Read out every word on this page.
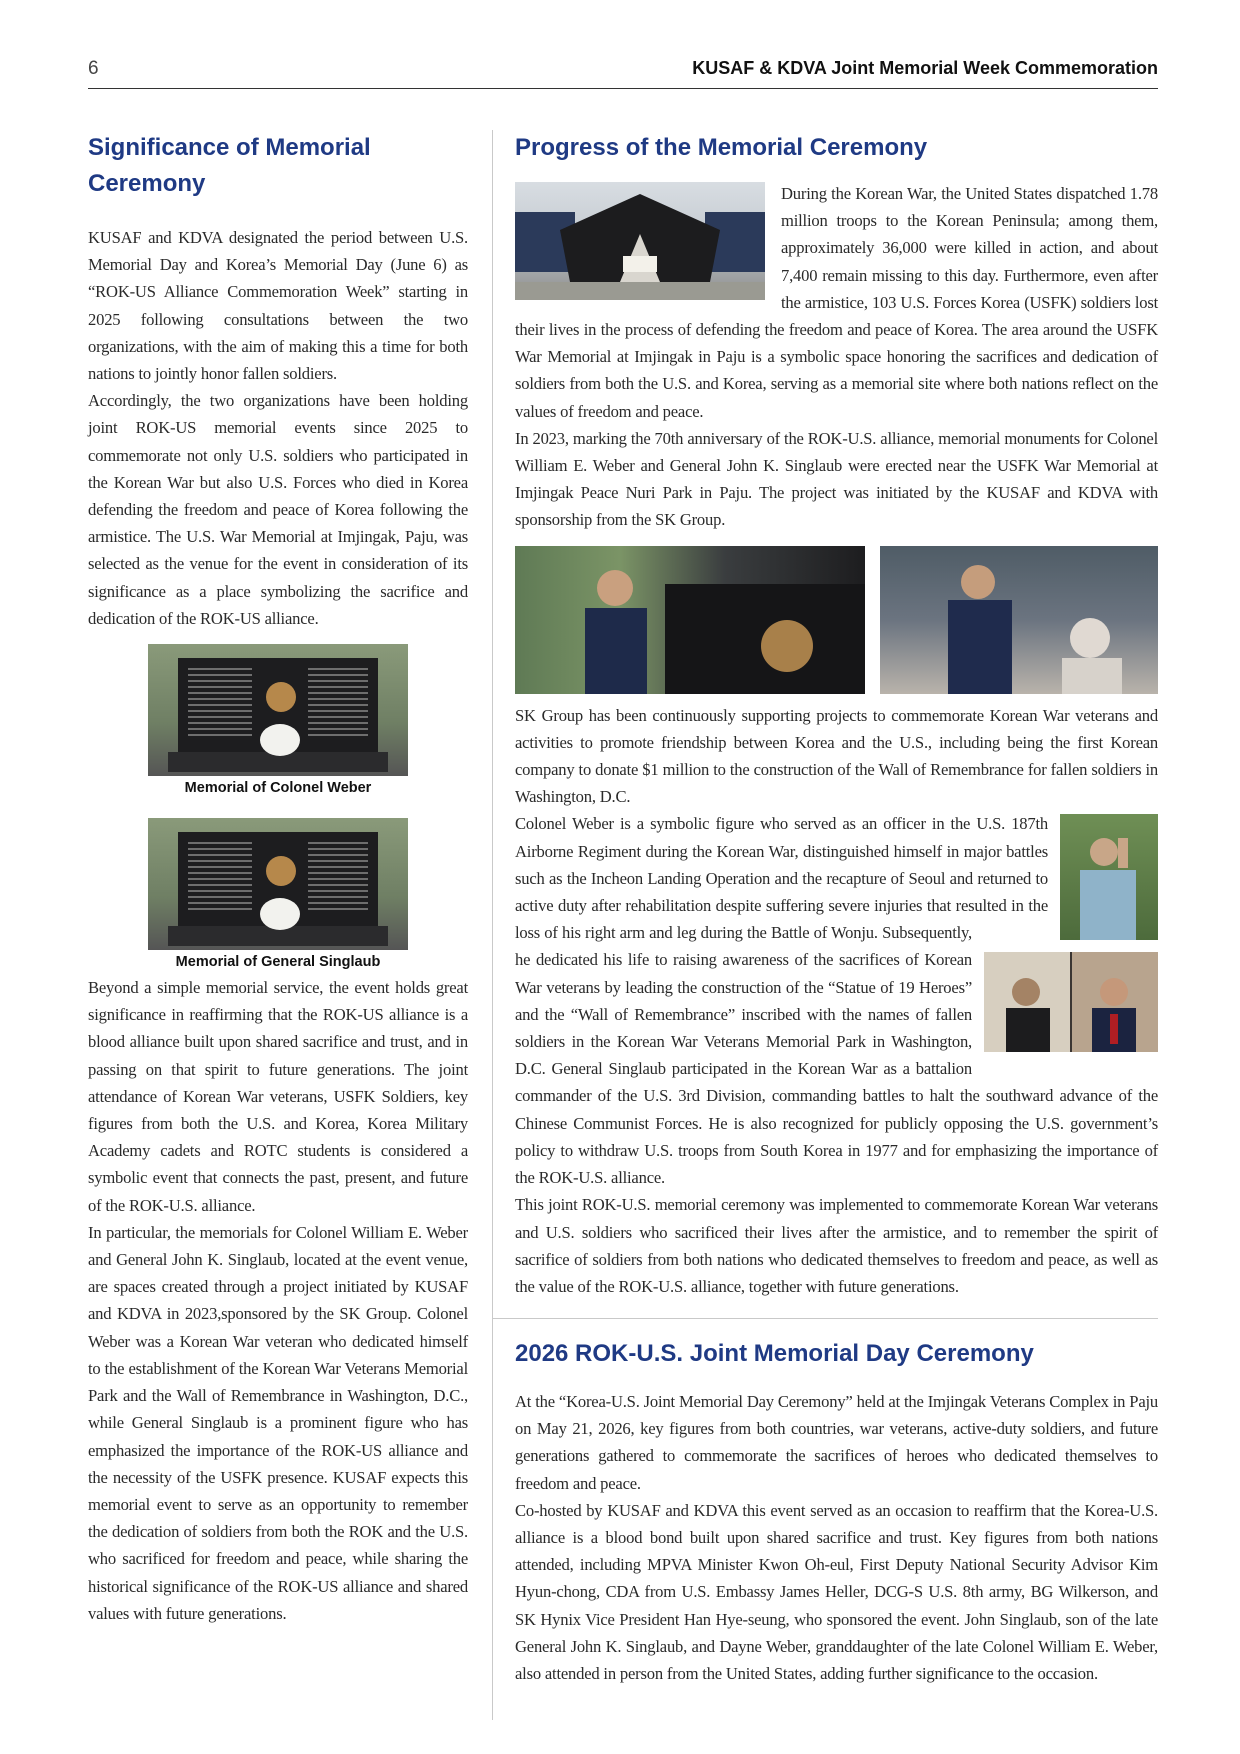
6	KUSAF & KDVA Joint Memorial Week Commemoration
Significance of Memorial
Ceremony

KUSAF and KDVA designated the period between U.S. Memorial Day and Korea’s Memorial Day (June 6) as “ROK-US Alliance Commemoration Week” starting in 2025 following consultations between the two organizations, with the aim of making this a time for both nations to jointly honor fallen soldiers.

Accordingly, the two organizations have been holding joint ROK-US memorial events since 2025 to commemorate not only U.S. soldiers who participated in the Korean War but also U.S. Forces who died in Korea defending the freedom and peace of Korea following the armistice. The U.S. War Memorial at Imjingak, Paju, was selected as the venue for the event in consideration of its significance as a place symbolizing the sacrifice and dedication of the ROK-US alliance.

Memorial of Colonel Weber
Memorial of General Singlaub

Beyond a simple memorial service, the event holds great significance in reaffirming that the ROK-US alliance is a blood alliance built upon shared sacrifice and trust, and in passing on that spirit to future generations. The joint attendance of Korean War veterans, USFK Soldiers, key figures from both the U.S. and Korea, Korea Military Academy cadets and ROTC students is considered a symbolic event that connects the past, present, and future of the ROK-U.S. alliance.

In particular, the memorials for Colonel William E. Weber and General John K. Singlaub, located at the event venue, are spaces created through a project initiated by KUSAF and KDVA in 2023,sponsored by the SK Group. Colonel Weber was a Korean War veteran who dedicated himself to the establishment of the Korean War Veterans Memorial Park and the Wall of Remembrance in Washington, D.C., while General Singlaub is a prominent figure who has emphasized the importance of the ROK-US alliance and the necessity of the USFK presence. KUSAF expects this memorial event to serve as an opportunity to remember the dedication of soldiers from both the ROK and the U.S. who sacrificed for freedom and peace, while sharing the historical significance of the ROK-US alliance and shared values with future generations.

Progress of the Memorial Ceremony

During the Korean War, the United States dispatched 1.78 million troops to the Korean Peninsula; among them, approximately 36,000 were killed in action, and about 7,400 remain missing to this day. Furthermore, even after the armistice, 103 U.S. Forces Korea (USFK) soldiers lost their lives in the process of defending the freedom and peace of Korea. The area around the USFK War Memorial at Imjingak in Paju is a symbolic space honoring the sacrifices and dedication of soldiers from both the U.S. and Korea, serving as a memorial site where both nations reflect on the values of freedom and peace.

In 2023, marking the 70th anniversary of the ROK-U.S. alliance, memorial monuments for Colonel William E. Weber and General John K. Singlaub were erected near the USFK War Memorial at Imjingak Peace Nuri Park in Paju. The project was initiated by the KUSAF and KDVA with sponsorship from the SK Group.

SK Group has been continuously supporting projects to commemorate Korean War veterans and activities to promote friendship between Korea and the U.S., including being the first Korean company to donate $1 million to the construction of the Wall of Remembrance for fallen soldiers in Washington, D.C.

Colonel Weber is a symbolic figure who served as an officer in the U.S. 187th Airborne Regiment during the Korean War, distinguished himself in major battles such as the Incheon Landing Operation and the recapture of Seoul and returned to active duty after rehabilitation despite suffering severe injuries that resulted in the loss of his right arm and leg during the Battle of Wonju. Subsequently, he dedicated his life to raising awareness of the sacrifices of Korean War veterans by leading the construction of the “Statue of 19 Heroes” and the “Wall of Remembrance” inscribed with the names of fallen soldiers in the Korean War Veterans Memorial Park in Washington, D.C. General Singlaub participated in the Korean War as a battalion commander of the U.S. 3rd Division, commanding battles to halt the southward advance of the Chinese Communist Forces. He is also recognized for publicly opposing the U.S. government’s policy to withdraw U.S. troops from South Korea in 1977 and for emphasizing the importance of the ROK-U.S. alliance.

This joint ROK-U.S. memorial ceremony was implemented to commemorate Korean War veterans and U.S. soldiers who sacrificed their lives after the armistice, and to remember the spirit of sacrifice of soldiers from both nations who dedicated themselves to freedom and peace, as well as the value of the ROK-U.S. alliance, together with future generations.

2026 ROK-U.S. Joint Memorial Day Ceremony

At the “Korea-U.S. Joint Memorial Day Ceremony” held at the Imjingak Veterans Complex in Paju on May 21, 2026, key figures from both countries, war veterans, active-duty soldiers, and future generations gathered to commemorate the sacrifices of heroes who dedicated themselves to freedom and peace.

Co-hosted by KUSAF and KDVA this event served as an occasion to reaffirm that the Korea-U.S. alliance is a blood bond built upon shared sacrifice and trust. Key figures from both nations attended, including MPVA Minister Kwon Oh-eul, First Deputy National Security Advisor Kim Hyun-chong, CDA from U.S. Embassy James Heller, DCG-S U.S. 8th army, BG Wilkerson, and SK Hynix Vice President Han Hye-seung, who sponsored the event. John Singlaub, son of the late General John K. Singlaub, and Dayne Weber, granddaughter of the late Colonel William E. Weber, also attended in person from the United States, adding further significance to the occasion.
